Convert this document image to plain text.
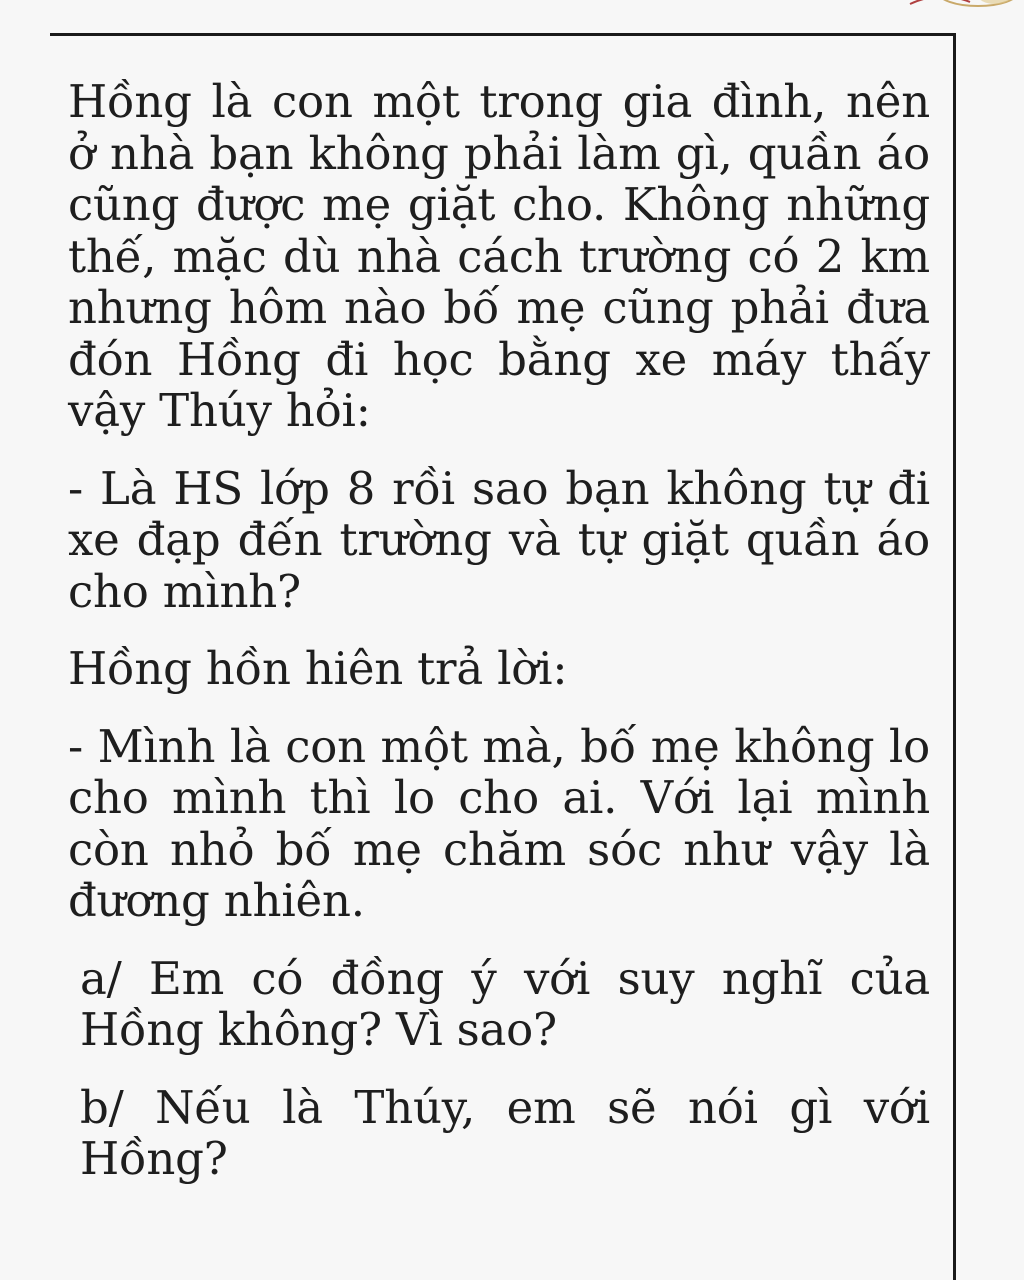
Hồng là con một trong gia đình, nên ở nhà bạn không phải làm gì, quần áo cũng được mẹ giặt cho. Không những thế, mặc dù nhà cách trường có 2 km nhưng hôm nào bố mẹ cũng phải đưa đón Hồng đi học bằng xe máy thấy vậy Thúy hỏi:

- Là HS lớp 8 rồi sao bạn không tự đi xe đạp đến trường và tự giặt quần áo cho mình?

Hồng hồn hiên trả lời:

- Mình là con một mà, bố mẹ không lo cho mình thì lo cho ai. Với lại mình còn nhỏ bố mẹ chăm sóc như vậy là đương nhiên.

a/ Em có đồng ý với suy nghĩ của Hồng không? Vì sao?

b/ Nếu là Thúy, em sẽ nói gì với Hồng?
